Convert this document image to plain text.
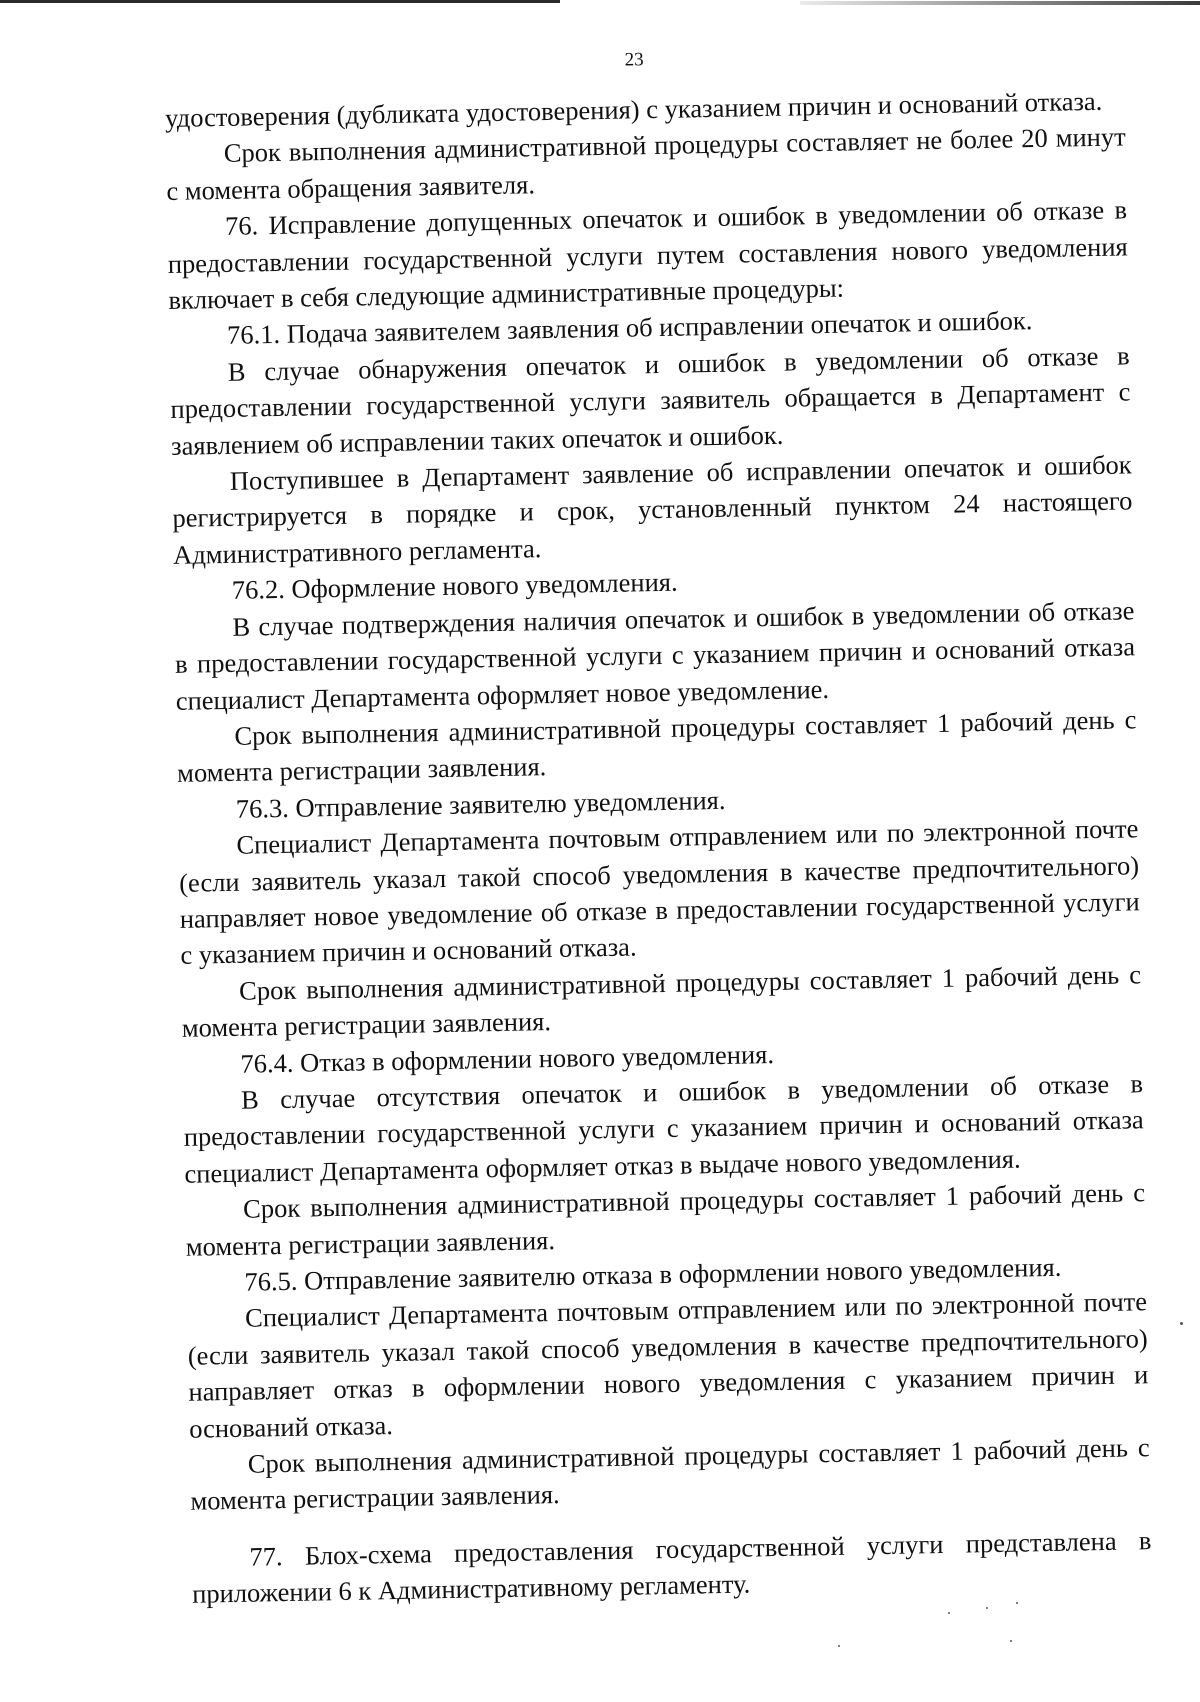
23

удостоверения (дубликата удостоверения) с указанием причин и оснований отказа.

Срок выполнения административной процедуры составляет не более 20 минут с момента обращения заявителя.

76. Исправление допущенных опечаток и ошибок в уведомлении об отказе в предоставлении государственной услуги путем составления нового уведомления включает в себя следующие административные процедуры:

76.1. Подача заявителем заявления об исправлении опечаток и ошибок.

В случае обнаружения опечаток и ошибок в уведомлении об отказе в предоставлении государственной услуги заявитель обращается в Департамент с заявлением об исправлении таких опечаток и ошибок.

Поступившее в Департамент заявление об исправлении опечаток и ошибок регистрируется в порядке и срок, установленный пунктом 24 настоящего Административного регламента.

76.2. Оформление нового уведомления.

В случае подтверждения наличия опечаток и ошибок в уведомлении об отказе в предоставлении государственной услуги с указанием причин и оснований отказа специалист Департамента оформляет новое уведомление.

Срок выполнения административной процедуры составляет 1 рабочий день с момента регистрации заявления.

76.3. Отправление заявителю уведомления.

Специалист Департамента почтовым отправлением или по электронной почте (если заявитель указал такой способ уведомления в качестве предпочтительного) направляет новое уведомление об отказе в предоставлении государственной услуги с указанием причин и оснований отказа.

Срок выполнения административной процедуры составляет 1 рабочий день с момента регистрации заявления.

76.4. Отказ в оформлении нового уведомления.

В случае отсутствия опечаток и ошибок в уведомлении об отказе в предоставлении государственной услуги с указанием причин и оснований отказа специалист Департамента оформляет отказ в выдаче нового уведомления.

Срок выполнения административной процедуры составляет 1 рабочий день с момента регистрации заявления.

76.5. Отправление заявителю отказа в оформлении нового уведомления.

Специалист Департамента почтовым отправлением или по электронной почте (если заявитель указал такой способ уведомления в качестве предпочтительного) направляет отказ в оформлении нового уведомления с указанием причин и оснований отказа.

Срок выполнения административной процедуры составляет 1 рабочий день с момента регистрации заявления.

77. Блох-схема предоставления государственной услуги представлена в приложении 6 к Административному регламенту.
